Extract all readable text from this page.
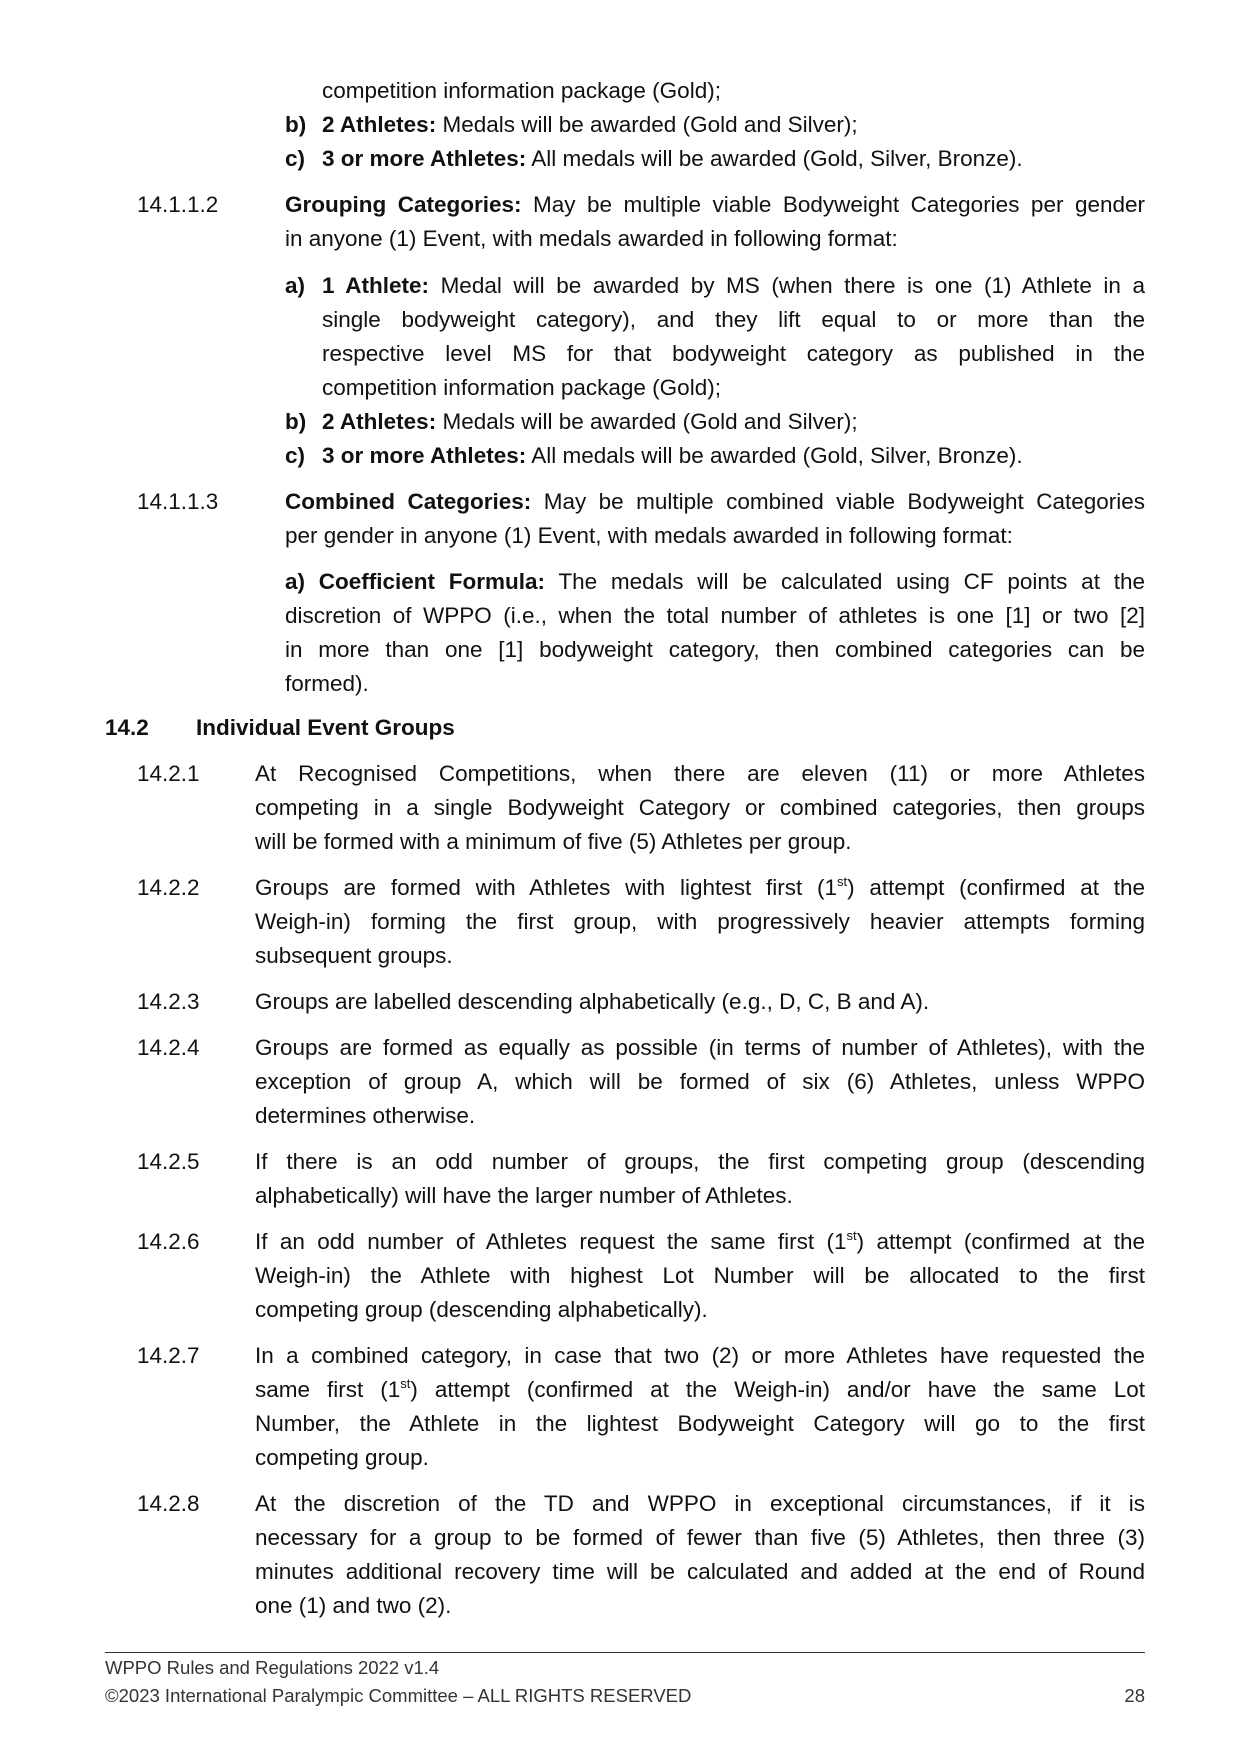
competition information package (Gold);
b) 2 Athletes: Medals will be awarded (Gold and Silver);
c) 3 or more Athletes: All medals will be awarded (Gold, Silver, Bronze).
14.1.1.2	Grouping Categories: May be multiple viable Bodyweight Categories per gender
in anyone (1) Event, with medals awarded in following format:
a) 1 Athlete: Medal will be awarded by MS (when there is one (1) Athlete in a
single bodyweight category), and they lift equal to or more than the
respective level MS for that bodyweight category as published in the
competition information package (Gold);
b) 2 Athletes: Medals will be awarded (Gold and Silver);
c) 3 or more Athletes: All medals will be awarded (Gold, Silver, Bronze).
14.1.1.3	Combined Categories: May be multiple combined viable Bodyweight Categories
per gender in anyone (1) Event, with medals awarded in following format:
a) Coefficient Formula: The medals will be calculated using CF points at the
discretion of WPPO (i.e., when the total number of athletes is one [1] or two [2]
in more than one [1] bodyweight category, then combined categories can be
formed).
14.2 Individual Event Groups
14.2.1 At Recognised Competitions, when there are eleven (11) or more Athletes
competing in a single Bodyweight Category or combined categories, then groups
will be formed with a minimum of five (5) Athletes per group.
14.2.2 Groups are formed with Athletes with lightest first (1st) attempt (confirmed at the
Weigh-in) forming the first group, with progressively heavier attempts forming
subsequent groups.
14.2.3 Groups are labelled descending alphabetically (e.g., D, C, B and A).
14.2.4 Groups are formed as equally as possible (in terms of number of Athletes), with the
exception of group A, which will be formed of six (6) Athletes, unless WPPO
determines otherwise.
14.2.5 If there is an odd number of groups, the first competing group (descending
alphabetically) will have the larger number of Athletes.
14.2.6 If an odd number of Athletes request the same first (1st) attempt (confirmed at the
Weigh-in) the Athlete with highest Lot Number will be allocated to the first
competing group (descending alphabetically).
14.2.7 In a combined category, in case that two (2) or more Athletes have requested the
same first (1st) attempt (confirmed at the Weigh-in) and/or have the same Lot
Number, the Athlete in the lightest Bodyweight Category will go to the first
competing group.
14.2.8 At the discretion of the TD and WPPO in exceptional circumstances, if it is
necessary for a group to be formed of fewer than five (5) Athletes, then three (3)
minutes additional recovery time will be calculated and added at the end of Round
one (1) and two (2).
WPPO Rules and Regulations 2022 v1.4
©2023 International Paralympic Committee – ALL RIGHTS RESERVED	28
